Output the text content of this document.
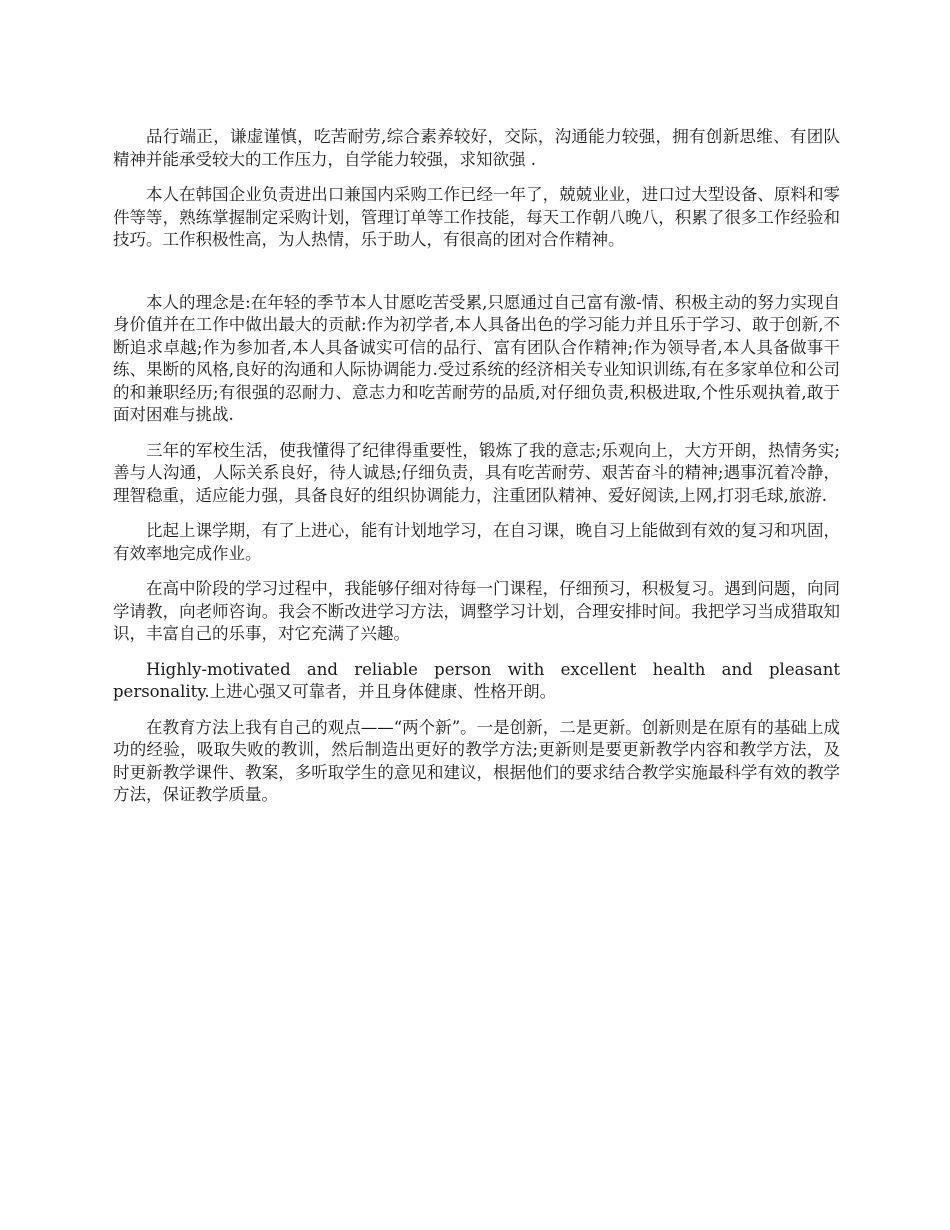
品行端正，谦虚谨慎，吃苦耐劳,综合素养较好，交际，沟通能力较强，拥有创新思维、有团队 精神并能承受较大的工作压力，自学能力较强，求知欲强 .

本人在韩国企业负责进出口兼国内采购工作已经一年了，兢兢业业，进口过大型设备、原料和零件等等，熟练掌握制定采购计划，管理订单等工作技能，每天工作朝八晚八，积累了很多工作经验和技巧。工作积极性高，为人热情，乐于助人，有很高的团对合作精神。

本人的理念是:在年轻的季节本人甘愿吃苦受累,只愿通过自己富有激-情、积极主动的努力实现自身价值并在工作中做出最大的贡献:作为初学者,本人具备出色的学习能力并且乐于学习、敢于创新,不断追求卓越;作为参加者,本人具备诚实可信的品行、富有团队合作精神;作为领导者,本人具备做事干练、果断的风格,良好的沟通和人际协调能力.受过系统的经济相关专业知识训练,有在多家单位和公司的和兼职经历;有很强的忍耐力、意志力和吃苦耐劳的品质,对仔细负责,积极进取,个性乐观执着,敢于面对困难与挑战.

三年的军校生活，使我懂得了纪律得重要性，锻炼了我的意志;乐观向上，大方开朗，热情务实;善与人沟通，人际关系良好，待人诚恳;仔细负责，具有吃苦耐劳、艰苦奋斗的精神;遇事沉着冷静，理智稳重，适应能力强，具备良好的组织协调能力，注重团队精神、爱好阅读,上网,打羽毛球,旅游.

比起上课学期，有了上进心，能有计划地学习，在自习课，晚自习上能做到有效的复习和巩固，有效率地完成作业。

在高中阶段的学习过程中，我能够仔细对待每一门课程，仔细预习，积极复习。遇到问题，向同学请教，向老师咨询。我会不断改进学习方法，调整学习计划，合理安排时间。我把学习当成猎取知识，丰富自己的乐事，对它充满了兴趣。

Highly-motivated and reliable person with excellent health and pleasant personality.上进心强又可靠者，并且身体健康、性格开朗。

在教育方法上我有自己的观点——“两个新”。一是创新，二是更新。创新则是在原有的基础上成功的经验，吸取失败的教训，然后制造出更好的教学方法;更新则是要更新教学内容和教学方法，及时更新教学课件、教案，多听取学生的意见和建议，根据他们的要求结合教学实施最科学有效的教学方法，保证教学质量。
